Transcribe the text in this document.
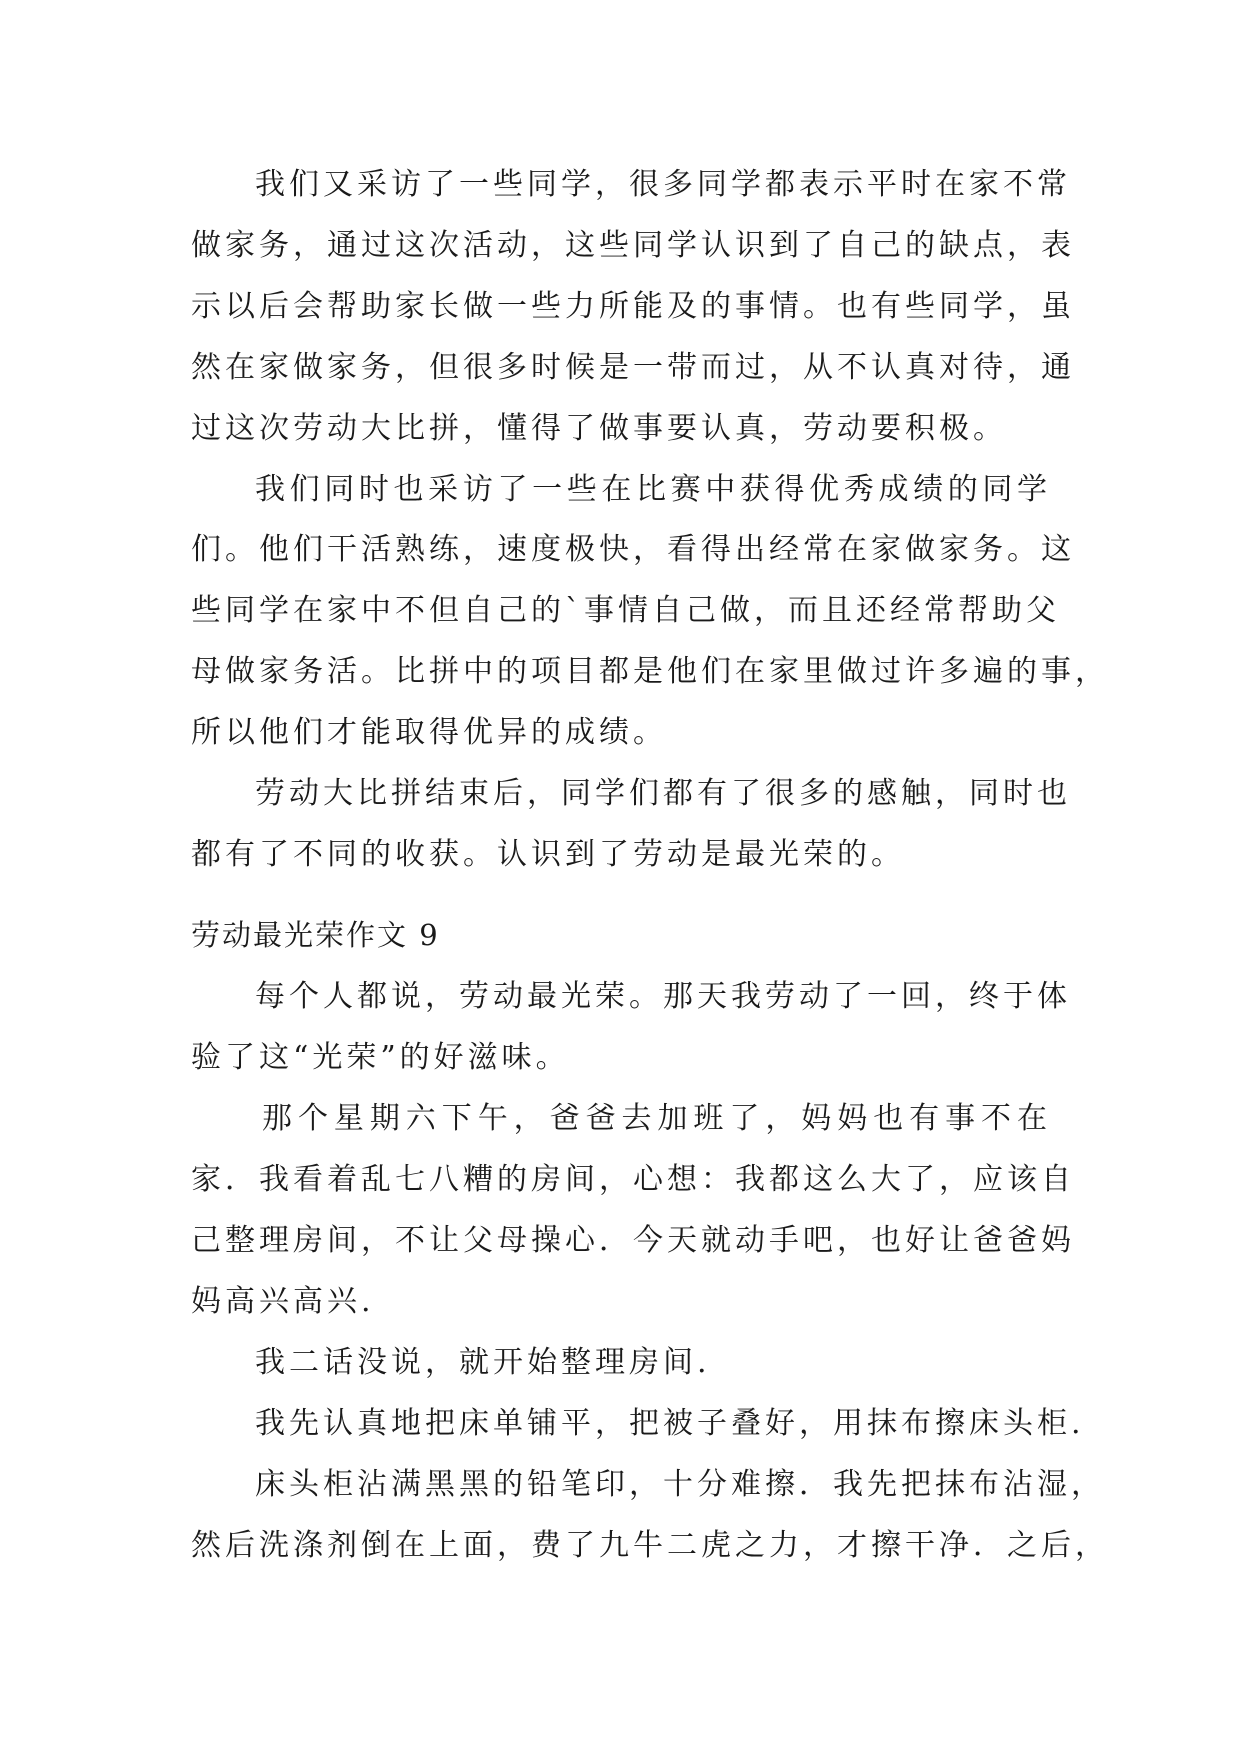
我们又采访了一些同学，很多同学都表示平时在家不常
做家务，通过这次活动，这些同学认识到了自己的缺点，表
示以后会帮助家长做一些力所能及的事情。也有些同学，虽
然在家做家务，但很多时候是一带而过，从不认真对待，通
过这次劳动大比拼，懂得了做事要认真，劳动要积极。
我们同时也采访了一些在比赛中获得优秀成绩的同学
们。他们干活熟练，速度极快，看得出经常在家做家务。这
些同学在家中不但自己的`事情自己做，而且还经常帮助父
母做家务活。比拼中的项目都是他们在家里做过许多遍的事，
所以他们才能取得优异的成绩。
劳动大比拼结束后，同学们都有了很多的感触，同时也
都有了不同的收获。认识到了劳动是最光荣的。
劳动最光荣作文 9
每个人都说，劳动最光荣。那天我劳动了一回，终于体
验了这“光荣”的好滋味。
那个星期六下午，爸爸去加班了，妈妈也有事不在
家．我看着乱七八糟的房间，心想：我都这么大了，应该自
己整理房间，不让父母操心．今天就动手吧，也好让爸爸妈
妈高兴高兴.
我二话没说，就开始整理房间.
我先认真地把床单铺平，把被子叠好，用抹布擦床头柜.
床头柜沾满黑黑的铅笔印，十分难擦．我先把抹布沾湿，
然后洗涤剂倒在上面，费了九牛二虎之力，才擦干净．之后，
